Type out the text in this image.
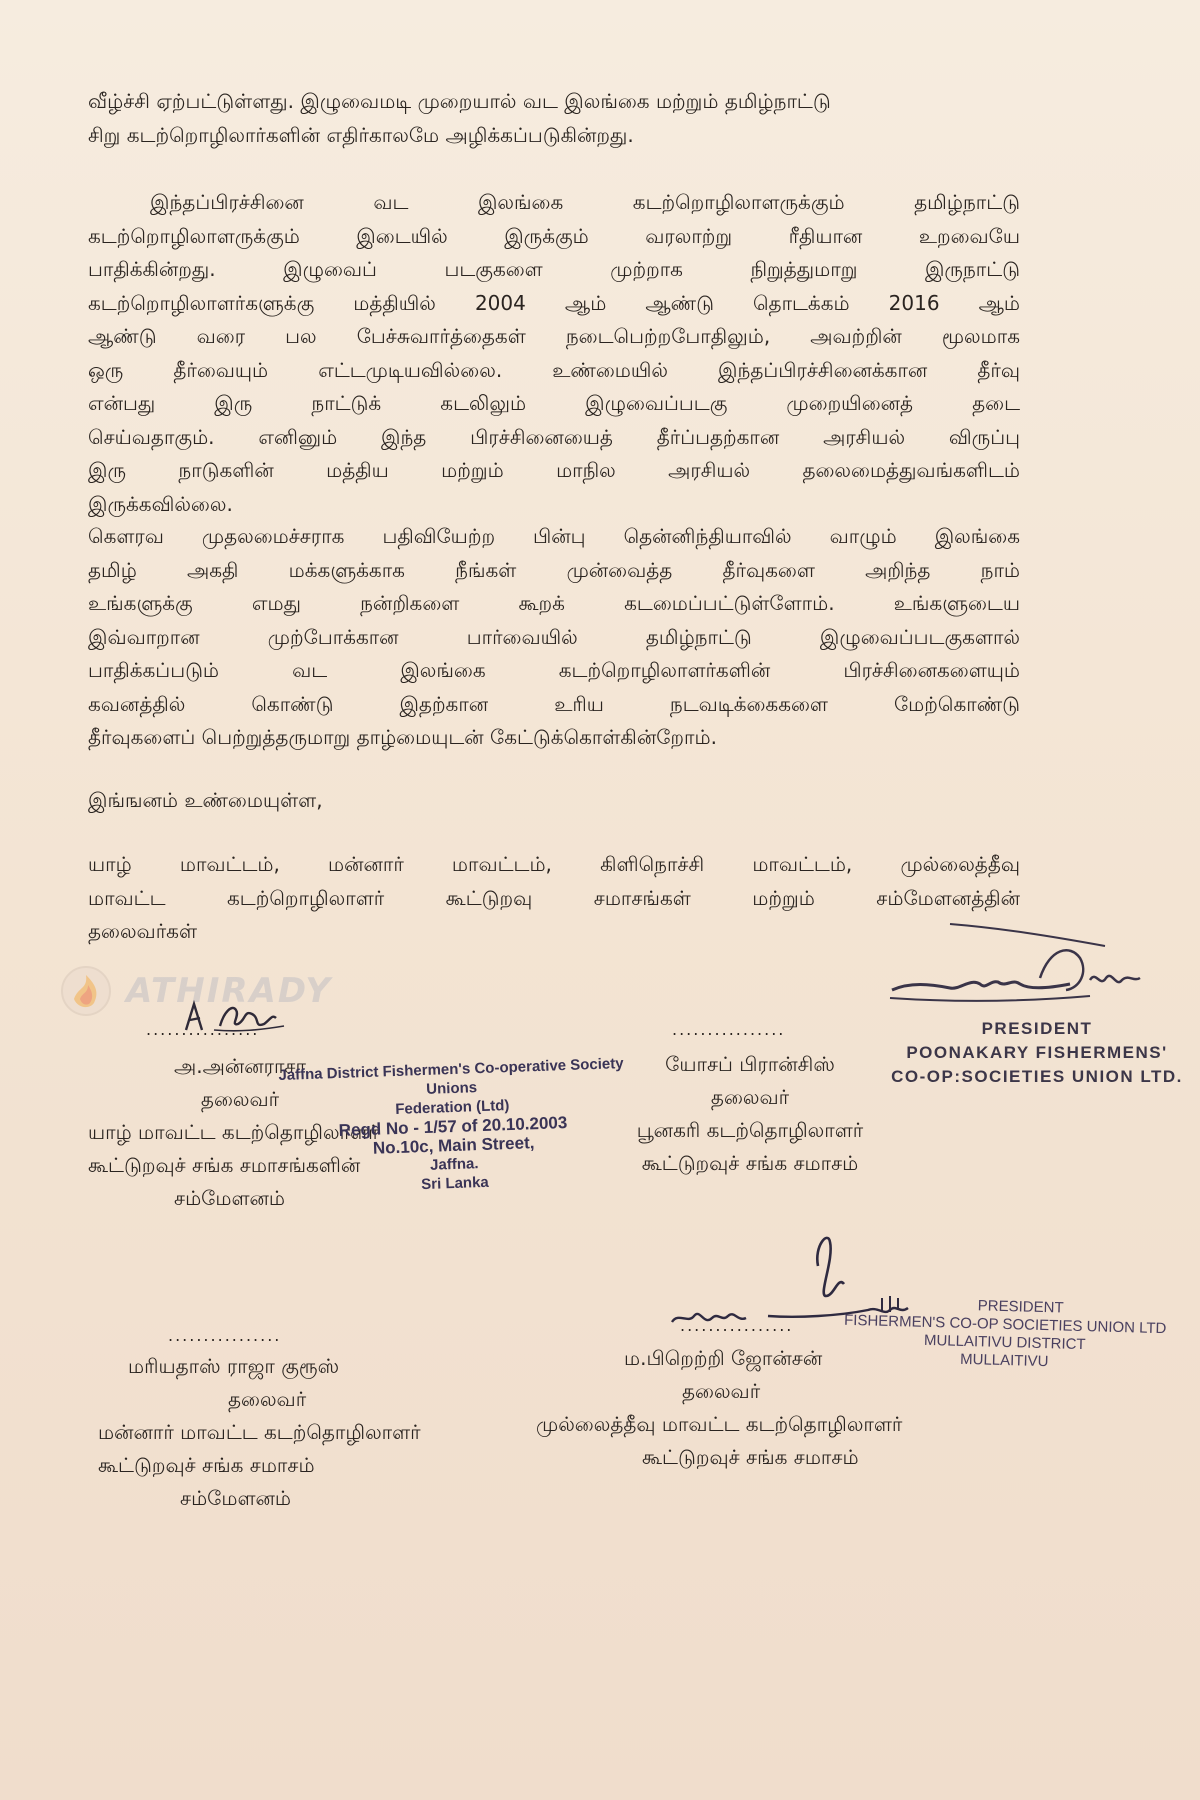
வீழ்ச்சி ஏற்பட்டுள்ளது. இழுவைமடி முறையால் வட இலங்கை மற்றும் தமிழ்நாட்டு
சிறு கடற்றொழிலார்களின் எதிர்காலமே அழிக்கப்படுகின்றது.
இந்தப்பிரச்சினை வட இலங்கை கடற்றொழிலாளருக்கும் தமிழ்நாட்டு
கடற்றொழிலாளருக்கும் இடையில் இருக்கும் வரலாற்று ரீதியான உறவையே
பாதிக்கின்றது. இழுவைப் படகுகளை முற்றாக நிறுத்துமாறு இருநாட்டு
கடற்றொழிலாளர்களுக்கு மத்தியில் 2004 ஆம் ஆண்டு தொடக்கம் 2016 ஆம்
ஆண்டு வரை பல பேச்சுவார்த்தைகள் நடைபெற்றபோதிலும், அவற்றின் மூலமாக
ஒரு தீர்வையும் எட்டமுடியவில்லை. உண்மையில் இந்தப்பிரச்சினைக்கான தீர்வு
என்பது இரு நாட்டுக் கடலிலும் இழுவைப்படகு முறையினைத் தடை
செய்வதாகும். எனினும் இந்த பிரச்சினையைத் தீர்ப்பதற்கான அரசியல் விருப்பு
இரு நாடுகளின் மத்திய மற்றும் மாநில அரசியல் தலைமைத்துவங்களிடம்
இருக்கவில்லை.
கௌரவ முதலமைச்சராக பதிவியேற்ற பின்பு தென்னிந்தியாவில் வாழும் இலங்கை
தமிழ் அகதி மக்களுக்காக நீங்கள் முன்வைத்த தீர்வுகளை அறிந்த நாம்
உங்களுக்கு எமது நன்றிகளை கூறக் கடமைப்பட்டுள்ளோம். உங்களுடைய
இவ்வாறான முற்போக்கான பார்வையில் தமிழ்நாட்டு இழுவைப்படகுகளால்
பாதிக்கப்படும் வட இலங்கை கடற்றொழிலாளர்களின் பிரச்சினைகளையும்
கவனத்தில் கொண்டு இதற்கான உரிய நடவடிக்கைகளை மேற்கொண்டு
தீர்வுகளைப் பெற்றுத்தருமாறு தாழ்மையுடன் கேட்டுக்கொள்கின்றோம்.
இங்ஙனம் உண்மையுள்ள,
யாழ் மாவட்டம், மன்னார் மாவட்டம், கிளிநொச்சி மாவட்டம், முல்லைத்தீவு
மாவட்ட கடற்றொழிலாளர் கூட்டுறவு சமாசங்கள் மற்றும் சம்மேளனத்தின்
தலைவர்கள்
ATHIRADY
PRESIDENT
POONAKARY FISHERMENS'
CO-OP:SOCIETIES UNION LTD.
................
அ.அன்னராசா
தலைவர்
யாழ் மாவட்ட கடற்தொழிலாளர்
கூட்டுறவுச் சங்க சமாசங்களின்
சம்மேளனம்
Jaffna District Fishermen's Co-operative Society Unions
Federation (Ltd)
Regd No - 1/57 of 20.10.2003
No.10c, Main Street,
Jaffna.
Sri Lanka
................
யோசப் பிரான்சிஸ்
தலைவர்
பூனகரி கடற்தொழிலாளர்
கூட்டுறவுச் சங்க சமாசம்
................
மரியதாஸ் ராஜா குரூஸ்
தலைவர்
மன்னார் மாவட்ட கடற்தொழிலாளர்
கூட்டுறவுச் சங்க சமாசம்
சம்மேளனம்
................
PRESIDENT
FISHERMEN'S CO-OP SOCIETIES UNION LTD
MULLAITIVU DISTRICT
MULLAITIVU
ம.பிறெற்றி ஜோன்சன்
தலைவர்
முல்லைத்தீவு மாவட்ட கடற்தொழிலாளர்
கூட்டுறவுச் சங்க சமாசம்
